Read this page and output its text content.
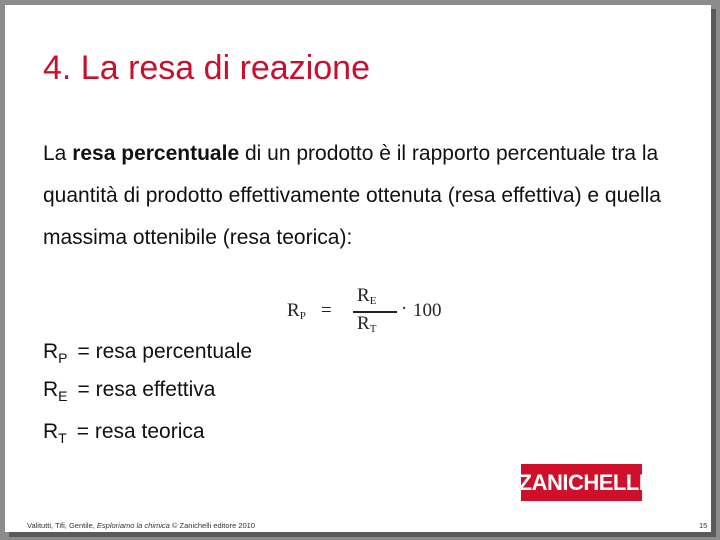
4. La resa di reazione
La resa percentuale di un prodotto è il rapporto percentuale tra la quantità di prodotto effettivamente ottenuta (resa effettiva) e quella massima ottenibile (resa teorica):
$R_P$ =
$R_E$
$R_T$
· 100
$R_P$ = resa percentuale
$R_E$ = resa effettiva
$R_T$ = resa teorica
ZANICHELLI
Valitutti, Tifi, Gentile, Esploriamo la chimica © Zanichelli editore 2010	15
